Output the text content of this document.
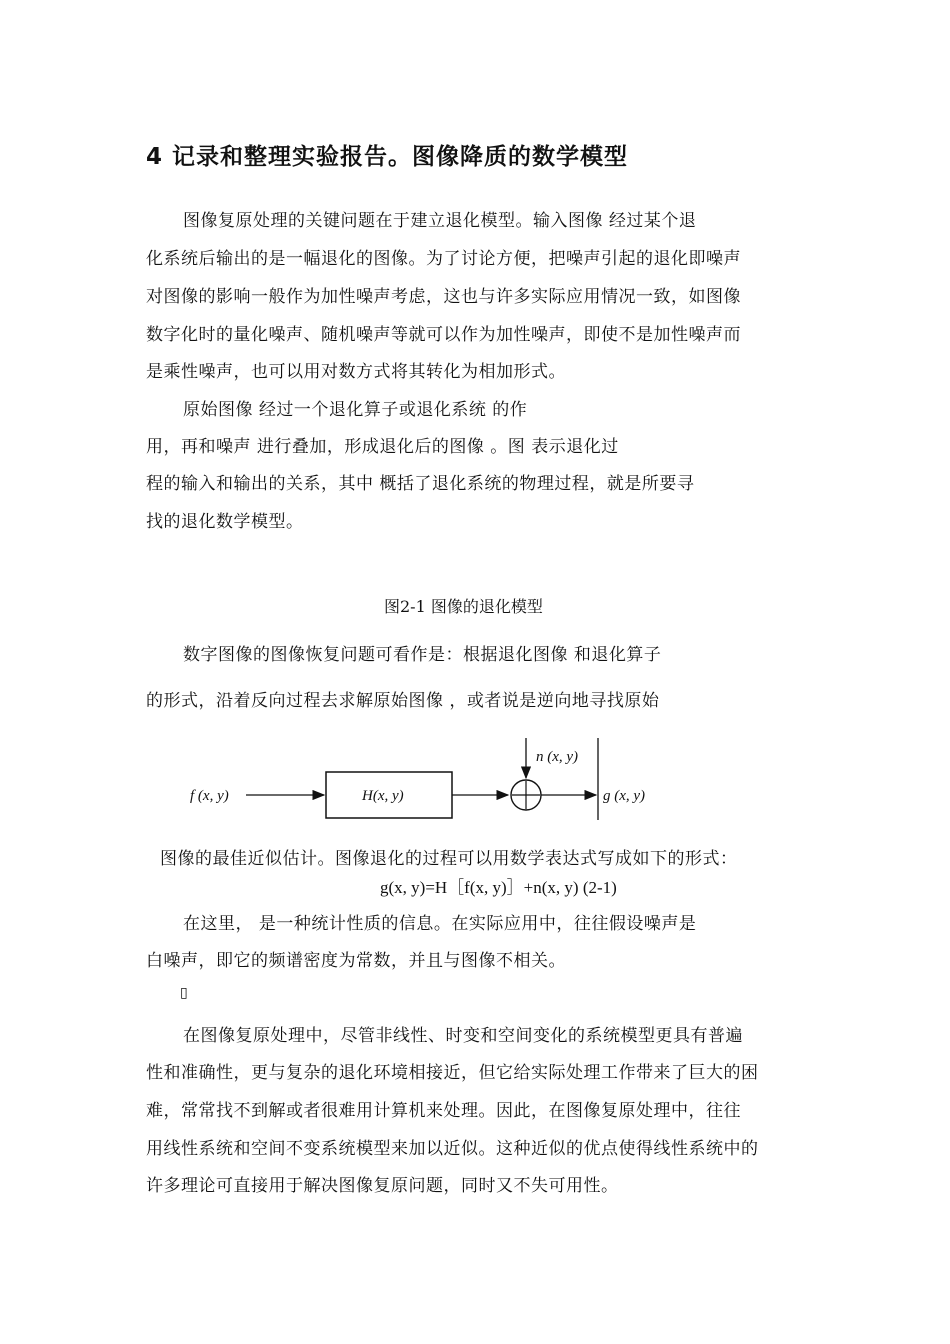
4 记录和整理实验报告。图像降质的数学模型
图像复原处理的关键问题在于建立退化模型。输入图像 经过某个退
化系统后输出的是一幅退化的图像。为了讨论方便，把噪声引起的退化即噪声
对图像的影响一般作为加性噪声考虑，这也与许多实际应用情况一致，如图像
数字化时的量化噪声、随机噪声等就可以作为加性噪声，即使不是加性噪声而
是乘性噪声，也可以用对数方式将其转化为相加形式。
原始图像 经过一个退化算子或退化系统 的作
用，再和噪声 进行叠加，形成退化后的图像 。图 表示退化过
程的输入和输出的关系，其中 概括了退化系统的物理过程，就是所要寻
找的退化数学模型。
图2-1 图像的退化模型
数字图像的图像恢复问题可看作是：根据退化图像 和退化算子
的形式，沿着反向过程去求解原始图像 ，或者说是逆向地寻找原始
f (x, y)	H(x, y)
n (x, y)
g (x, y)
图像的最佳近似估计。图像退化的过程可以用数学表达式写成如下的形式：
g(x, y)=H［f(x, y)］+n(x, y) (2-1)
在这里， 是一种统计性质的信息。在实际应用中，往往假设噪声是
白噪声，即它的频谱密度为常数，并且与图像不相关。
▯
在图像复原处理中，尽管非线性、时变和空间变化的系统模型更具有普遍
性和准确性，更与复杂的退化环境相接近，但它给实际处理工作带来了巨大的困
难，常常找不到解或者很难用计算机来处理。因此，在图像复原处理中，往往
用线性系统和空间不变系统模型来加以近似。这种近似的优点使得线性系统中的
许多理论可直接用于解决图像复原问题，同时又不失可用性。
